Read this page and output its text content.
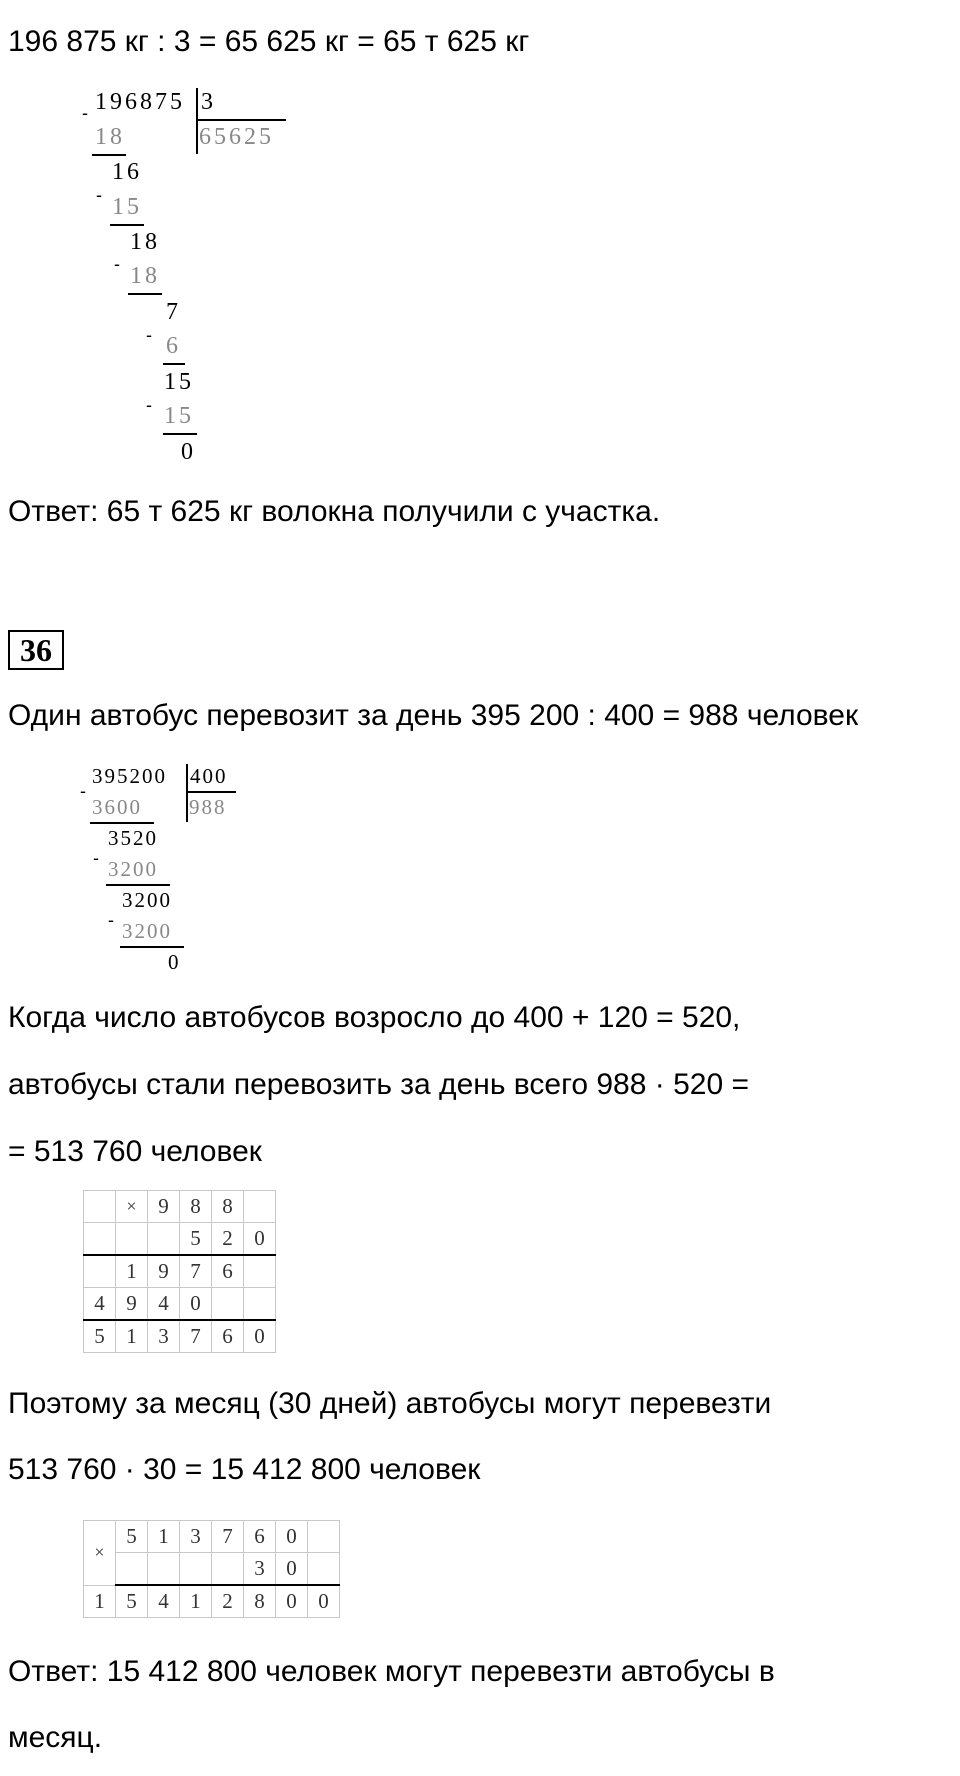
196 875 кг : 3 = 65 625 кг = 65 т 625 кг
- 196875 3
65625
18
16
- 15
18
- 18
7
- 6
15
- 15
0
Ответ: 65 т 625 кг волокна получили с участка.
36
Один автобус перевозит за день 395 200 : 400 = 988 человек
-
395200 400
988
3600
3520
- 3200
3200
- 3200
0
Когда число автобусов возросло до 400 + 120 = 520,
автобусы стали перевозить за день всего 988 · 520 =
= 513 760 человек
	×	9	8	8	
			5	2	0
	1	9	7	6	
4	9	4	0		
5	1	3	7	6	0
Поэтому за месяц (30 дней) автобусы могут перевезти
513 760 · 30 = 15 412 800 человек
×	5	1	3	7	6	0	
					3	0	
1	5	4	1	2	8	0	0
Ответ: 15 412 800 человек могут перевезти автобусы в
месяц.
